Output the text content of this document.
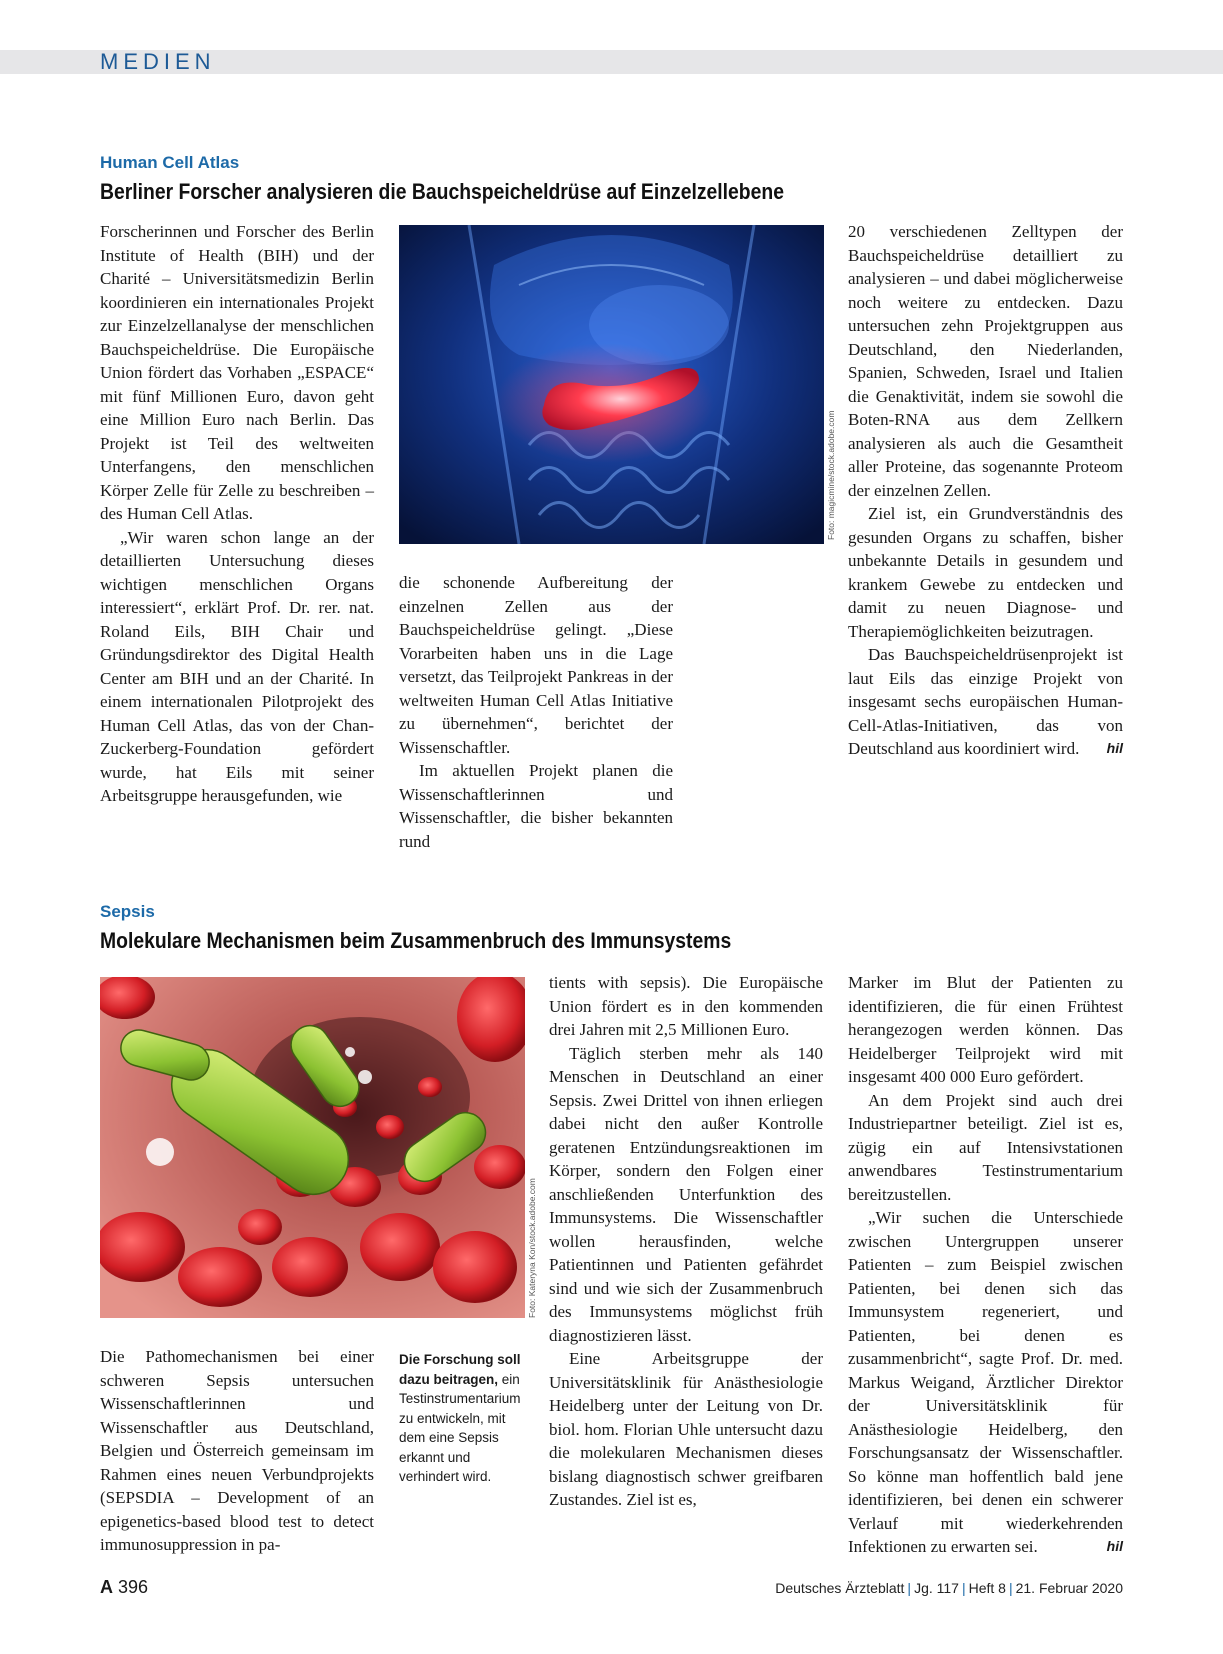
MEDIEN
Human Cell Atlas
Berliner Forscher analysieren die Bauchspeicheldrüse auf Einzelzellebene

Forscherinnen und Forscher des Berlin Institute of Health (BIH) und der Charité – Universitätsmedizin Berlin koordinieren ein internationales Projekt zur Einzelzellanalyse der menschlichen Bauchspeicheldrüse. Die Europäische Union fördert das Vorhaben „ESPACE“ mit fünf Millionen Euro, davon geht eine Million Euro nach Berlin. Das Projekt ist Teil des weltweiten Unterfangens, den menschlichen Körper Zelle für Zelle zu beschreiben – des Human Cell Atlas.

„Wir waren schon lange an der detaillierten Untersuchung dieses wichtigen menschlichen Organs interessiert“, erklärt Prof. Dr. rer. nat. Roland Eils, BIH Chair und Gründungsdirektor des Digital Health Center am BIH und an der Charité. In einem internationalen Pilotprojekt des Human Cell Atlas, das von der Chan-Zuckerberg-Foundation gefördert wurde, hat Eils mit seiner Arbeitsgruppe herausgefunden, wie

Foto: magicmine/stock.adobe.com

die schonende Aufbereitung der einzelnen Zellen aus der Bauchspeicheldrüse gelingt. „Diese Vorarbeiten haben uns in die Lage versetzt, das Teilprojekt Pankreas in der weltweiten Human Cell Atlas Initiative zu übernehmen“, berichtet der Wissenschaftler.

Im aktuellen Projekt planen die Wissenschaftlerinnen und Wissenschaftler, die bisher bekannten rund

20 verschiedenen Zelltypen der Bauchspeicheldrüse detailliert zu analysieren – und dabei möglicherweise noch weitere zu entdecken. Dazu untersuchen zehn Projektgruppen aus Deutschland, den Niederlanden, Spanien, Schweden, Israel und Italien die Genaktivität, indem sie sowohl die Boten-RNA aus dem Zellkern analysieren als auch die Gesamtheit aller Proteine, das sogenannte Proteom der einzelnen Zellen.

Ziel ist, ein Grundverständnis des gesunden Organs zu schaffen, bisher unbekannte Details in gesundem und krankem Gewebe zu entdecken und damit zu neuen Diagnose- und Therapiemöglichkeiten beizutragen.

Das Bauchspeicheldrüsenprojekt ist laut Eils das einzige Projekt von insgesamt sechs europäischen Human-Cell-Atlas-Initiativen, das von Deutschland aus koordiniert wird.	hil

Sepsis
Molekulare Mechanismen beim Zusammenbruch des Immunsystems
Foto: Kateryna Kon/stock.adobe.com

Die Pathomechanismen bei einer schweren Sepsis untersuchen Wissenschaftlerinnen und Wissenschaftler aus Deutschland, Belgien und Österreich gemeinsam im Rahmen eines neuen Verbundprojekts (SEPSDIA – Development of an epigenetics-based blood test to detect immunosuppression in pa-

Die Forschung soll dazu beitragen, ein Testinstrumentarium zu entwickeln, mit dem eine Sepsis erkannt und verhindert wird.

tients with sepsis). Die Europäische Union fördert es in den kommenden drei Jahren mit 2,5 Millionen Euro.

Täglich sterben mehr als 140 Menschen in Deutschland an einer Sepsis. Zwei Drittel von ihnen erliegen dabei nicht den außer Kontrolle geratenen Entzündungsreaktionen im Körper, sondern den Folgen einer anschließenden Unterfunktion des Immunsystems. Die Wissenschaftler wollen herausfinden, welche Patientinnen und Patienten gefährdet sind und wie sich der Zusammenbruch des Immunsystems möglichst früh diagnostizieren lässt.

Eine Arbeitsgruppe der Universitätsklinik für Anästhesiologie Heidelberg unter der Leitung von Dr. biol. hom. Florian Uhle untersucht dazu die molekularen Mechanismen dieses bislang diagnostisch schwer greifbaren Zustandes. Ziel ist es,

Marker im Blut der Patienten zu identifizieren, die für einen Frühtest herangezogen werden können. Das Heidelberger Teilprojekt wird mit insgesamt 400 000 Euro gefördert.

An dem Projekt sind auch drei Industriepartner beteiligt. Ziel ist es, zügig ein auf Intensivstationen anwendbares Testinstrumentarium bereitzustellen.

„Wir suchen die Unterschiede zwischen Untergruppen unserer Patienten – zum Beispiel zwischen Patienten, bei denen sich das Immunsystem regeneriert, und Patienten, bei denen es zusammenbricht“, sagte Prof. Dr. med. Markus Weigand, Ärztlicher Direktor der Universitätsklinik für Anästhesiologie Heidelberg, den Forschungsansatz der Wissenschaftler. So könne man hoffentlich bald jene identifizieren, bei denen ein schwerer Verlauf mit wiederkehrenden Infektionen zu erwarten sei.	hil

A 396	Deutsches Ärzteblatt | Jg. 117 | Heft 8 | 21. Februar 2020
